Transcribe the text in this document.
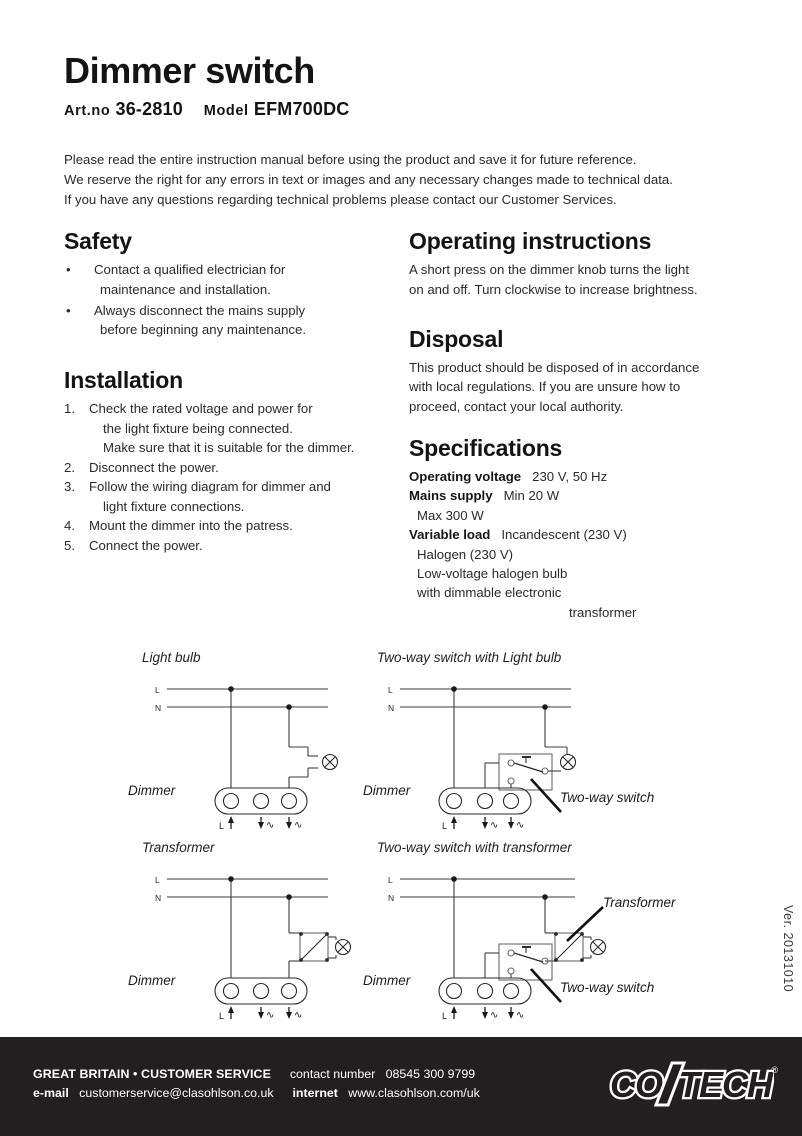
Dimmer switch
Art.no 36-2810 Model EFM700DC
Please read the entire instruction manual before using the product and save it for future reference.
We reserve the right for any errors in text or images and any necessary changes made to technical data.
If you have any questions regarding technical problems please contact our Customer Services.
Safety
• Contact a qualified electrician for
maintenance and installation.
• Always disconnect the mains supply
before beginning any maintenance.
Installation
1. Check the rated voltage and power for
the light fixture being connected.
Make sure that it is suitable for the dimmer.
2. Disconnect the power.
3. Follow the wiring diagram for dimmer and
light fixture connections.
4. Mount the dimmer into the patress.
5. Connect the power.
Operating instructions
A short press on the dimmer knob turns the light
on and off. Turn clockwise to increase brightness.
Disposal
This product should be disposed of in accordance
with local regulations. If you are unsure how to
proceed, contact your local authority.
Specifications
Operating voltage 230 V, 50 Hz
Mains supply Min 20 W
Max 300 W
Variable load Incandescent (230 V)
Halogen (230 V)
Low-voltage halogen bulb
with dimmable electronic
transformer
Light bulb
L
N
L	∿ ∿
Dimmer
Two-way switch with Light bulb
L
N
L	∿ ∿
Two-way switch
Dimmer
Transformer
L
N
L	∿ ∿
Dimmer
Two-way switch with transformer
L
N
L	∿ ∿
Transformer
Two-way switch
Dimmer	Ver. 20131010
GREAT BRITAIN • CUSTOMER SERVICE contact number 08545 300 9799
e-mail customerservice@clasohlson.co.uk internet www.clasohlson.com/uk	CO TECH ®
